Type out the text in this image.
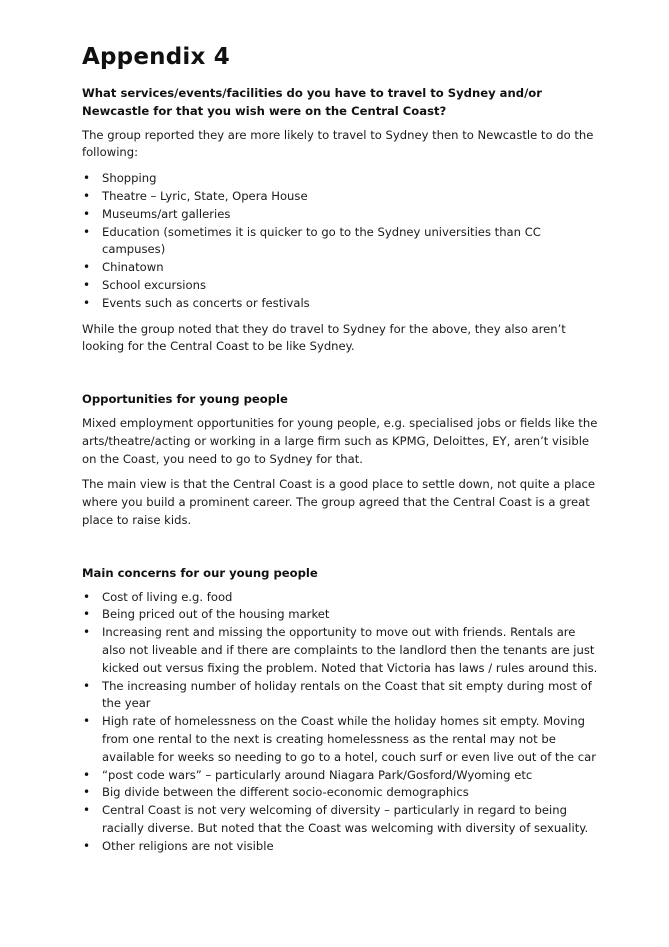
Appendix 4
What services/events/facilities do you have to travel to Sydney and/or Newcastle for that you wish were on the Central Coast?

The group reported they are more likely to travel to Sydney then to Newcastle to do the following:

• Shopping
• Theatre – Lyric, State, Opera House
• Museums/art galleries
• Education (sometimes it is quicker to go to the Sydney universities than CC campuses)
• Chinatown
• School excursions
• Events such as concerts or festivals

While the group noted that they do travel to Sydney for the above, they also aren’t looking for the Central Coast to be like Sydney.

Opportunities for young people

Mixed employment opportunities for young people, e.g. specialised jobs or fields like the arts/theatre/acting or working in a large firm such as KPMG, Deloittes, EY, aren’t visible on the Coast, you need to go to Sydney for that.

The main view is that the Central Coast is a good place to settle down, not quite a place where you build a prominent career. The group agreed that the Central Coast is a great place to raise kids.

Main concerns for our young people
• Cost of living e.g. food
• Being priced out of the housing market
• Increasing rent and missing the opportunity to move out with friends. Rentals are also not liveable and if there are complaints to the landlord then the tenants are just kicked out versus fixing the problem. Noted that Victoria has laws / rules around this.
• The increasing number of holiday rentals on the Coast that sit empty during most of the year
• High rate of homelessness on the Coast while the holiday homes sit empty. Moving from one rental to the next is creating homelessness as the rental may not be available for weeks so needing to go to a hotel, couch surf or even live out of the car
• “post code wars” – particularly around Niagara Park/Gosford/Wyoming etc
• Big divide between the different socio-economic demographics
• Central Coast is not very welcoming of diversity – particularly in regard to being racially diverse. But noted that the Coast was welcoming with diversity of sexuality.
• Other religions are not visible
